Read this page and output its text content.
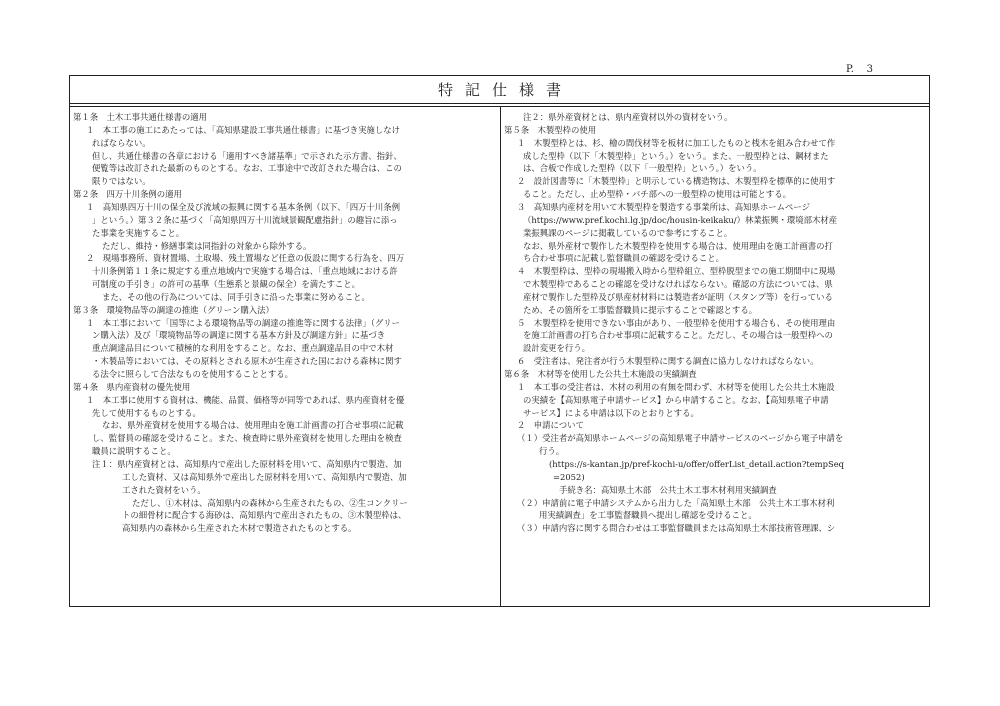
P.    3
特記仕様書
第１条　土木工事共通仕様書の適用
１　本工事の施工にあたっては、「高知県建設工事共通仕様書」に基づき実施しなけ
ればならない。
但し、共通仕様書の各章における「適用すべき諸基準」で示された示方書、指針、
便覧等は改訂された最新のものとする。なお、工事途中で改訂された場合は、この
限りではない。
第２条　四万十川条例の適用
１　高知県四万十川の保全及び流域の振興に関する基本条例（以下、「四万十川条例
」という。）第３２条に基づく「高知県四万十川流域景観配慮指針」の趣旨に添っ
た事業を実施すること。
ただし、維持・修繕事業は同指針の対象から除外する。
２　現場事務所、資材置場、土取場、残土置場など任意の仮設に関する行為を、四万
十川条例第１１条に規定する重点地域内で実施する場合は、「重点地域における許
可制度の手引き」の許可の基準（生態系と景観の保全）を満たすこと。
また、その他の行為については、同手引きに沿った事業に努めること。
第３条　環境物品等の調達の推進（グリーン購入法）
１　本工事において「国等による環境物品等の調達の推進等に関する法律」（グリー
ン購入法）及び「環境物品等の調達に関する基本方針及び調達方針」に基づき
重点調達品目について積極的な利用をすること。なお、重点調達品目の中で木材
・木製品等においては、その原料とされる原木が生産された国における森林に関す
る法令に照らして合法なものを使用することとする。
第４条　県内産資材の優先使用
１　本工事に使用する資材は、機能、品質、価格等が同等であれば、県内産資材を優
先して使用するものとする。
なお、県外産資材を使用する場合は、使用理由を施工計画書の打合せ事項に記載
し、監督員の確認を受けること。また、検査時に県外産資材を使用した理由を検査
職員に説明すること。
注１：県内産資材とは、高知県内で産出した原材料を用いて、高知県内で製造、加
工した資材、又は高知県外で産出した原材料を用いて、高知県内で製造、加
工された資材をいう。
ただし、①木材は、高知県内の森林から生産されたもの、②生コンクリー
トの細骨材に配合する海砂は、高知県内で産出されたもの、③木製型枠は、
高知県内の森林から生産された木材で製造されたものとする。
注２：県外産資材とは、県内産資材以外の資材をいう。
第５条　木製型枠の使用
１　木製型枠とは、杉、檜の間伐材等を板材に加工したものと桟木を組み合わせて作
成した型枠（以下「木製型枠」という。）をいう。また、一般型枠とは、鋼材また
は、合板で作成した型枠（以下「一般型枠」という。）をいう。
２　設計図書等に「木製型枠」と明示している構造物は、木製型枠を標準的に使用す
ること。ただし、止め型枠・バチ部への一般型枠の使用は可能とする。
３　高知県内産材を用いて木製型枠を製造する事業所は、高知県ホームページ
（https://www.pref.kochi.lg.jp/doc/housin-keikaku/）林業振興・環境部木材産
業振興課のページに掲載しているので参考にすること。
なお、県外産材で製作した木製型枠を使用する場合は、使用理由を施工計画書の打
ち合わせ事項に記載し監督職員の確認を受けること。
４　木製型枠は、型枠の現場搬入時から型枠組立、型枠脱型までの施工期間中に現場
で木製型枠であることの確認を受けなければならない。確認の方法については、県
産材で製作した型枠及び県産材材料には製造者が証明（スタンプ等）を行っている
ため、その箇所を工事監督職員に提示することで確認とする。
５　木製型枠を使用できない事由があり、一般型枠を使用する場合も、その使用理由
を施工計画書の打ち合わせ事項に記載すること。ただし、その場合は一般型枠への
設計変更を行う。
６　受注者は、発注者が行う木製型枠に関する調査に協力しなければならない。
第６条　木材等を使用した公共土木施設の実績調査
１　本工事の受注者は、木材の利用の有無を問わず、木材等を使用した公共土木施設
の実績を【高知県電子申請サービス】から申請すること。なお、【高知県電子申請
サービス】による申請は以下のとおりとする。
２　申請について
（１）受注者が高知県ホームページの高知県電子申請サービスのページから電子申請を
行う。
(https://s-kantan.jp/pref-kochi-u/offer/offerList_detail.action?tempSeq
=2052)
手続き名：高知県土木部　公共土木工事木材利用実績調査
（２）申請前に電子申請システムから出力した「高知県土木部　公共土木工事木材利
用実績調査」を工事監督職員へ提出し確認を受けること。
（３）申請内容に関する問合わせは工事監督職員または高知県土木部技術管理課、シ
